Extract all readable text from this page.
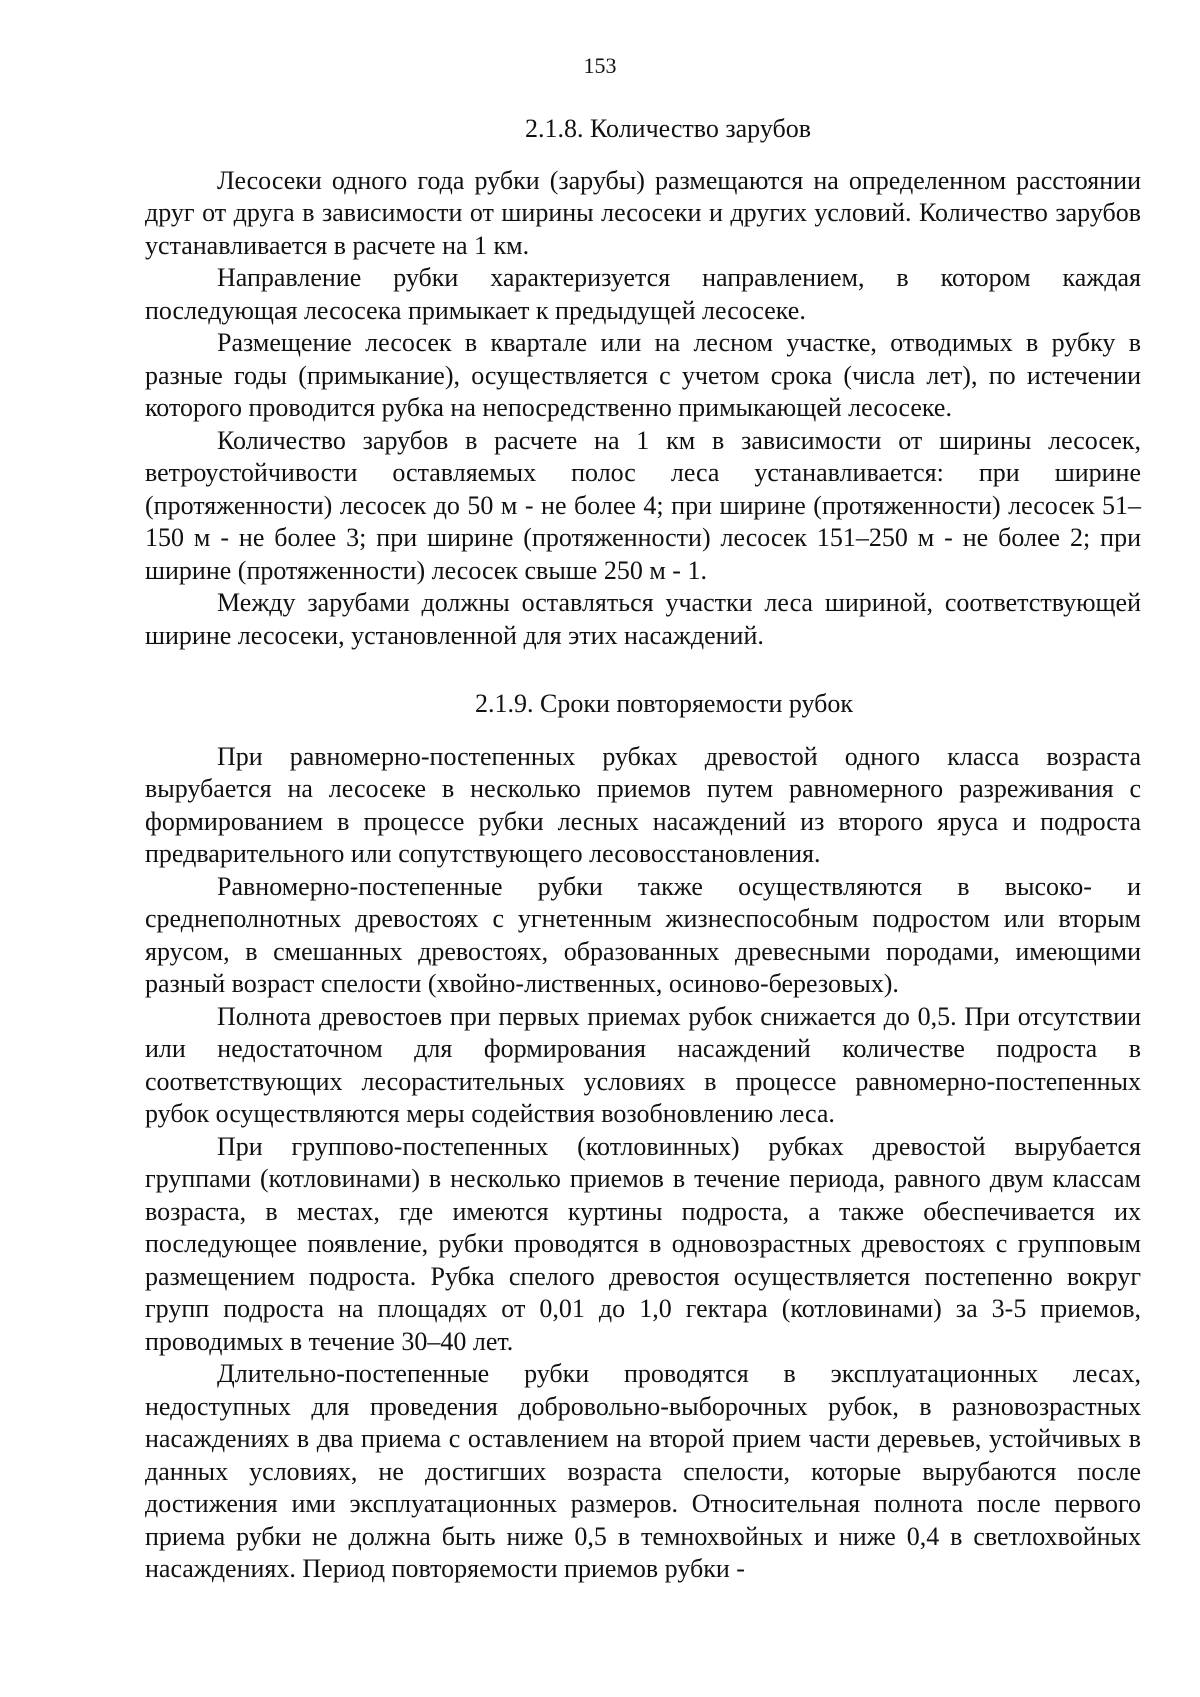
153
2.1.8. Количество зарубов

Лесосеки одного года рубки (зарубы) размещаются на определенном расстоянии друг от друга в зависимости от ширины лесосеки и других условий. Количество зарубов устанавливается в расчете на 1 км.

Направление рубки характеризуется направлением, в котором каждая последующая лесосека примыкает к предыдущей лесосеке.

Размещение лесосек в квартале или на лесном участке, отводимых в рубку в разные годы (примыкание), осуществляется с учетом срока (числа лет), по истечении которого проводится рубка на непосредственно примыкающей лесосеке.

Количество зарубов в расчете на 1 км в зависимости от ширины лесосек, ветроустойчивости оставляемых полос леса устанавливается: при ширине (протяженности) лесосек до 50 м - не более 4; при ширине (протяженности) лесосек 51–150 м - не более 3; при ширине (протяженности) лесосек 151–250 м - не более 2; при ширине (протяженности) лесосек свыше 250 м - 1.

Между зарубами должны оставляться участки леса шириной, соответствующей ширине лесосеки, установленной для этих насаждений.

2.1.9. Сроки повторяемости рубок

При равномерно-постепенных рубках древостой одного класса возраста вырубается на лесосеке в несколько приемов путем равномерного разреживания с формированием в процессе рубки лесных насаждений из второго яруса и подроста предварительного или сопутствующего лесовосстановления.

Равномерно-постепенные рубки также осуществляются в высоко- и среднеполнотных древостоях с угнетенным жизнеспособным подростом или вторым ярусом, в смешанных древостоях, образованных древесными породами, имеющими разный возраст спелости (хвойно-лиственных, осиново-березовых).

Полнота древостоев при первых приемах рубок снижается до 0,5. При отсутствии или недостаточном для формирования насаждений количестве подроста в соответствующих лесорастительных условиях в процессе равномерно-постепенных рубок осуществляются меры содействия возобновлению леса.

При группово-постепенных (котловинных) рубках древостой вырубается группами (котловинами) в несколько приемов в течение периода, равного двум классам возраста, в местах, где имеются куртины подроста, а также обеспечивается их последующее появление, рубки проводятся в одновозрастных древостоях с групповым размещением подроста. Рубка спелого древостоя осуществляется постепенно вокруг групп подроста на площадях от 0,01 до 1,0 гектара (котловинами) за 3-5 приемов, проводимых в течение 30–40 лет.

Длительно-постепенные рубки проводятся в эксплуатационных лесах, недоступных для проведения добровольно-выборочных рубок, в разновозрастных насаждениях в два приема с оставлением на второй прием части деревьев, устойчивых в данных условиях, не достигших возраста спелости, которые вырубаются после достижения ими эксплуатационных размеров. Относительная полнота после первого приема рубки не должна быть ниже 0,5 в темнохвойных и ниже 0,4 в светлохвойных насаждениях. Период повторяемости приемов рубки -
